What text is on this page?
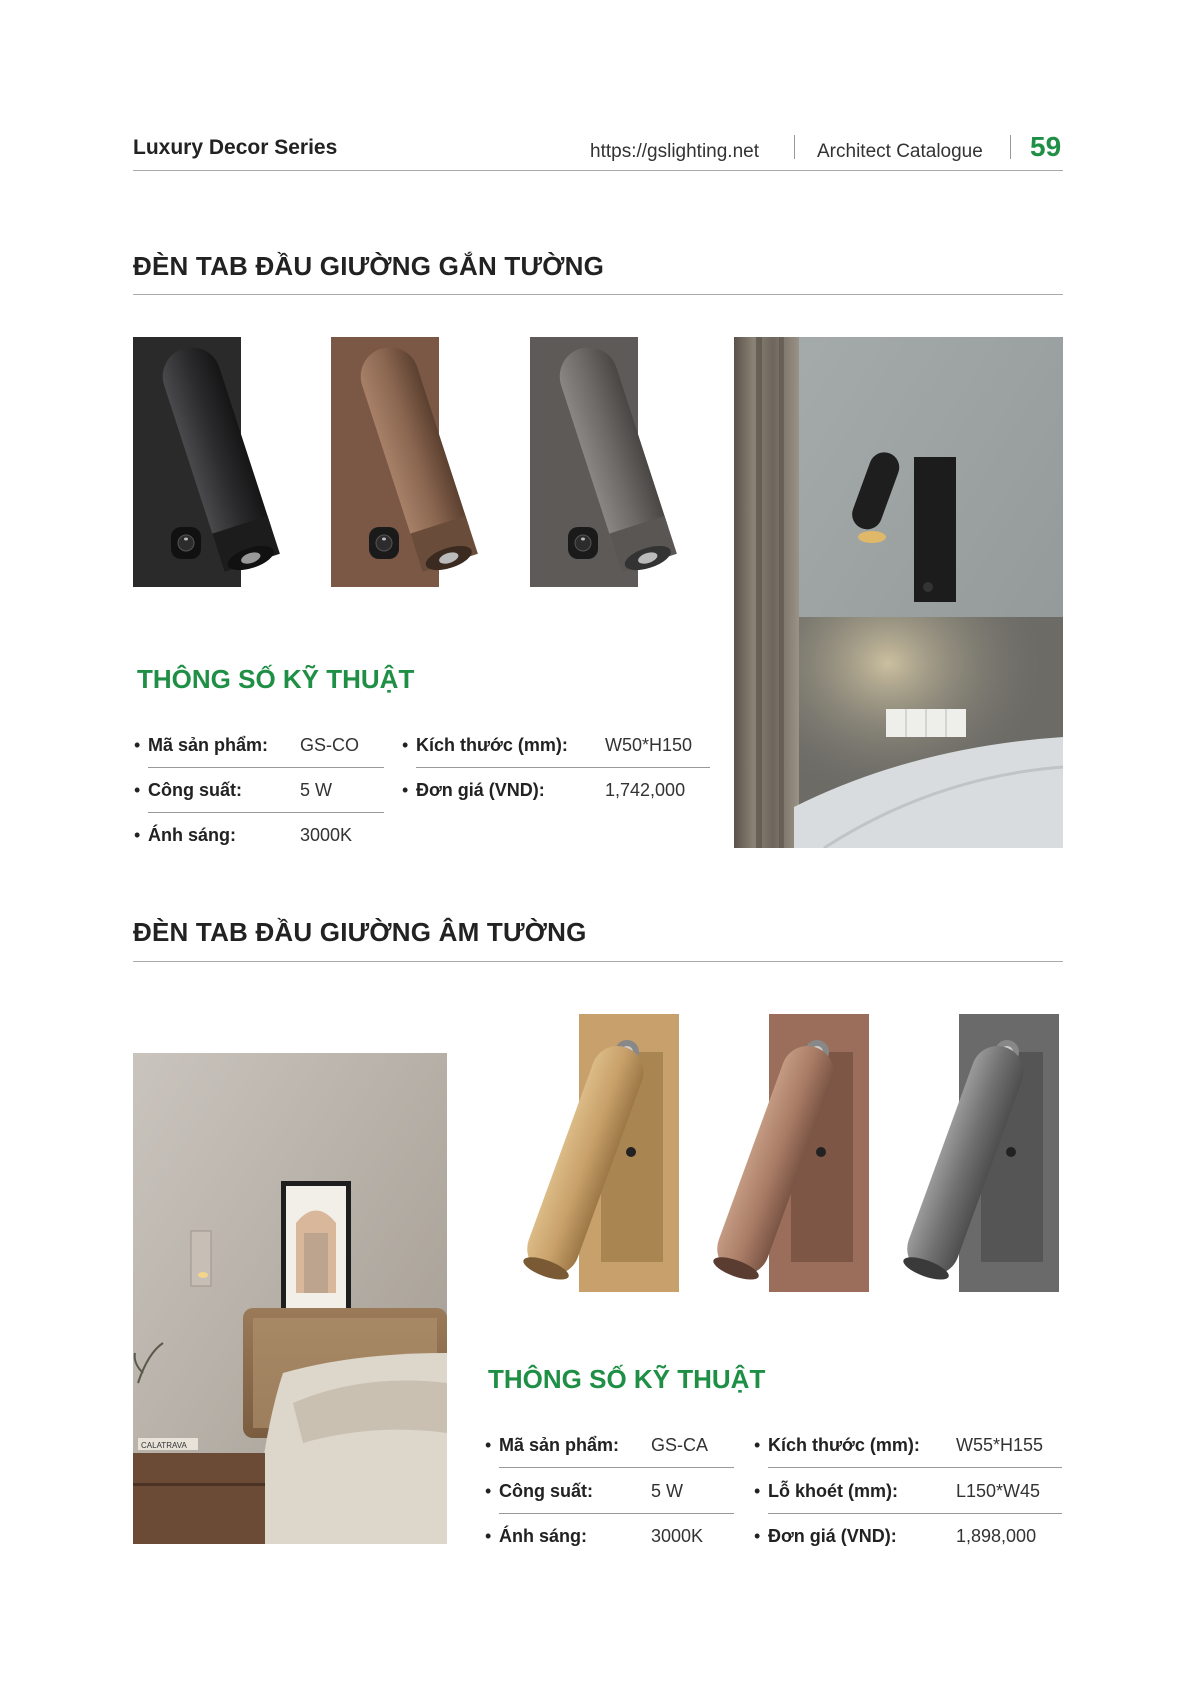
Luxury Decor Series	https://gslighting.net	Architect Catalogue 59
ĐÈN TAB ĐẦU GIƯỜNG GẮN TƯỜNG
THÔNG SỐ KỸ THUẬT
• Mã sản phẩm: GS-CO
• Công suất:	5 W
• Ánh sáng:	3000K
• Kích thước (mm): W50*H150
• Đơn giá (VND):	1,742,000
ĐÈN TAB ĐẦU GIƯỜNG ÂM TƯỜNG
CALATRAVA
THÔNG SỐ KỸ THUẬT
• Mã sản phẩm: GS-CA
• Công suất:	5 W
• Ánh sáng:	3000K
• Kích thước (mm): W55*H155
• Lỗ khoét (mm):	L150*W45
• Đơn giá (VND):	1,898,000
